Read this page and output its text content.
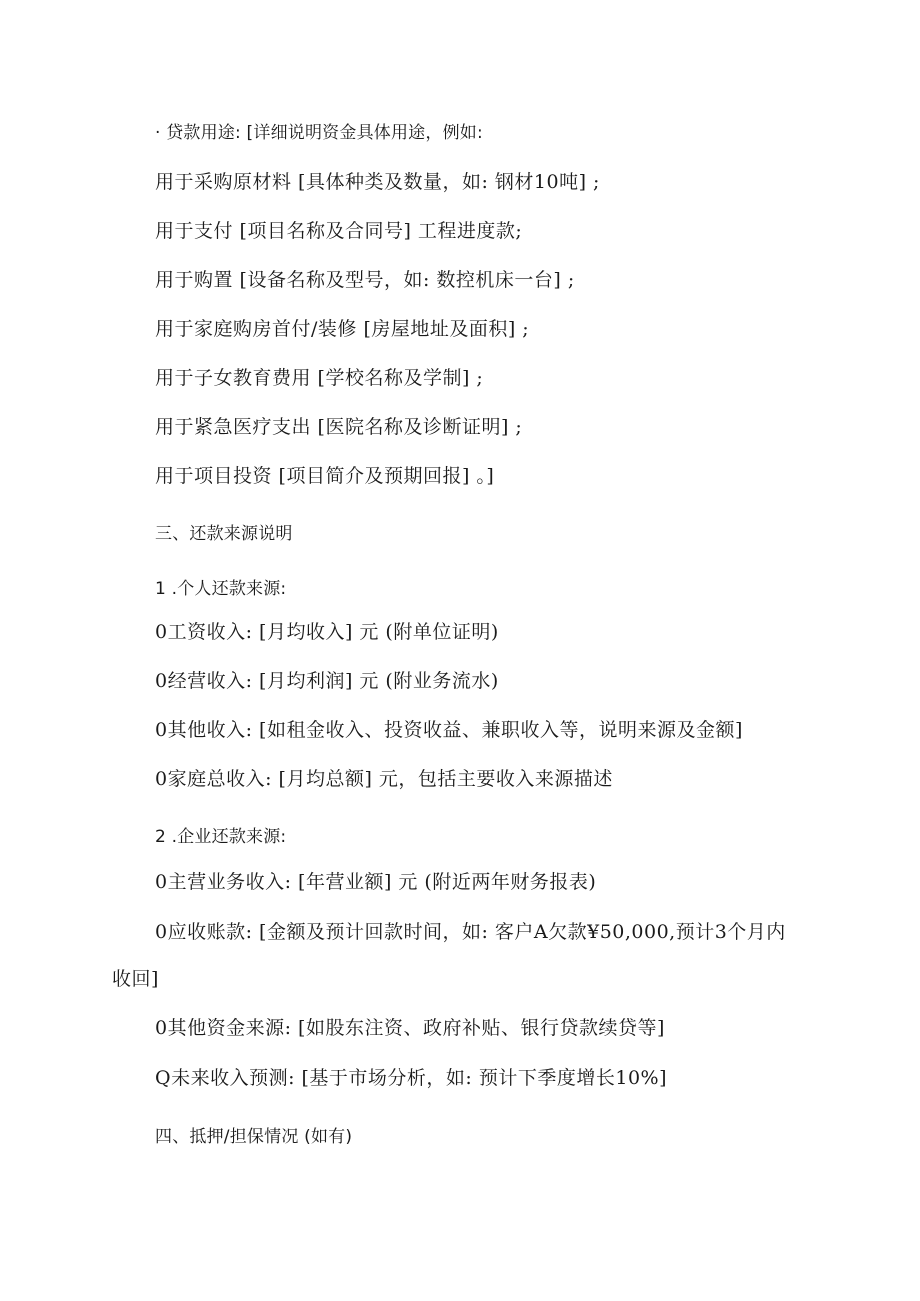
· 贷款用途: [详细说明资金具体用途，例如:
用于采购原材料 [具体种类及数量，如: 钢材10吨] ;
用于支付 [项目名称及合同号] 工程进度款;
用于购置 [设备名称及型号，如: 数控机床一台] ;
用于家庭购房首付/装修 [房屋地址及面积] ;
用于子女教育费用 [学校名称及学制] ;
用于紧急医疗支出 [医院名称及诊断证明] ;
用于项目投资 [项目简介及预期回报] 。]
三、还款来源说明
1 .个人还款来源:
0工资收入: [月均收入] 元 (附单位证明)
0经营收入: [月均利润] 元 (附业务流水)
0其他收入: [如租金收入、投资收益、兼职收入等，说明来源及金额]
0家庭总收入: [月均总额] 元，包括主要收入来源描述
2 .企业还款来源:
0主营业务收入: [年营业额] 元 (附近两年财务报表)
0应收账款: [金额及预计回款时间，如: 客户A欠款¥50,000,预计3个月内
收回]
0其他资金来源: [如股东注资、政府补贴、银行贷款续贷等]
Q未来收入预测: [基于市场分析，如: 预计下季度增长10%]
四、抵押/担保情况 (如有)
